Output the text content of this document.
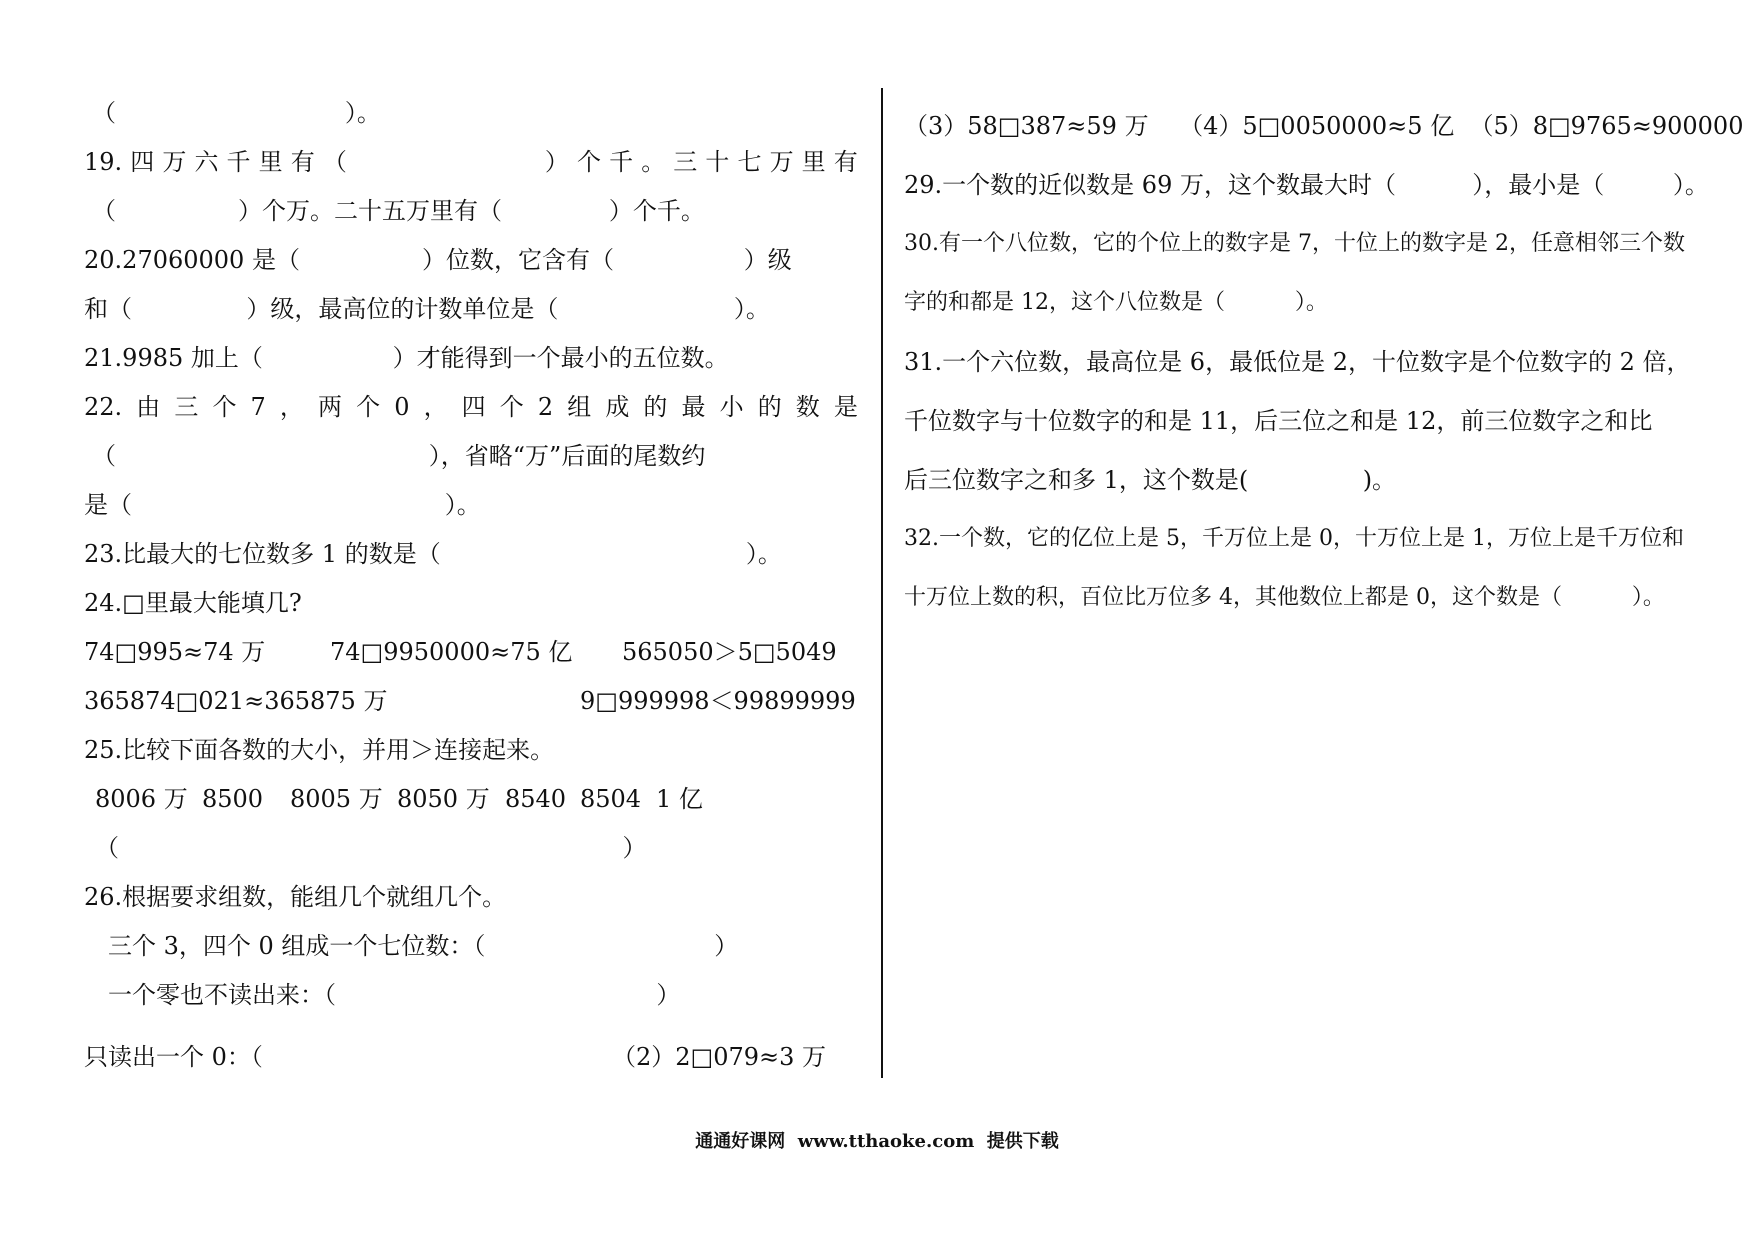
（                              ）。
19. 四 万 六 千 里 有 （	） 个 千 。 三 十 七 万 里 有
（                ）个万。二十五万里有（              ）个千。
20.27060000 是（                ）位数，它含有（                 ）级
和（               ）级，最高位的计数单位是（                       ）。
21.9985 加上（                 ）才能得到一个最小的五位数。
22. 由 三 个 7 ， 两 个 0 ， 四 个 2 组 成 的 最 小 的 数 是
（                                         ），省略“万”后面的尾数约
是（                                         ）。
23.比最大的七位数多 1 的数是（                                        ）。
24.□里最大能填几?
74□995≈74 万	74□9950000≈75 亿 565050＞5□5049
365874□021≈365875 万	9□999998＜99899999
25.比较下面各数的大小，并用＞连接起来。
8006 万 8500 8005 万 8050 万 8540 8504 1 亿
（                                                                  ）
26.根据要求组数，能组几个就组几个。
三个 3，四个 0 组成一个七位数：（                              ）
一个零也不读出来：（                                          ）
只读出一个 0：（	（2）2□079≈3 万
（3）58□387≈59 万    （4）5□0050000≈5 亿  （5）8□9765≈900000
29.一个数的近似数是 69 万，这个数最大时（          ），最小是（         ）。
30.有一个八位数，它的个位上的数字是 7，十位上的数字是 2，任意相邻三个数
字的和都是 12，这个八位数是（          ）。
31.一个六位数，最高位是 6，最低位是 2，十位数字是个位数字的 2 倍，
千位数字与十位数字的和是 11，后三位之和是 12，前三位数字之和比
后三位数字之和多 1，这个数是(               )。
32.一个数，它的亿位上是 5，千万位上是 0，十万位上是 1，万位上是千万位和
十万位上数的积，百位比万位多 4，其他数位上都是 0，这个数是（          ）。
通通好课网  www.tthaoke.com  提供下载
